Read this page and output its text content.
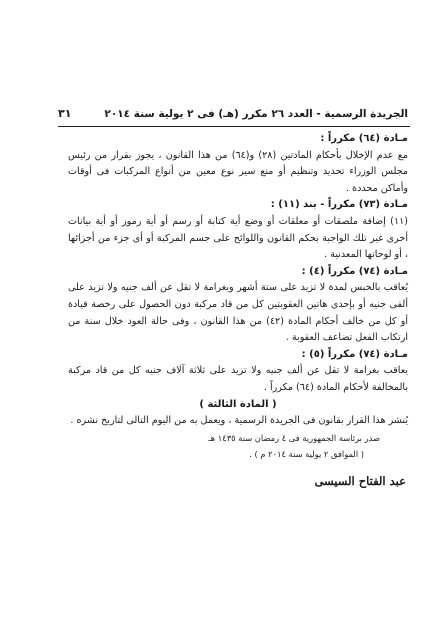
الجريدة الرسمية - العدد ٢٦ مكرر (هـ) فى ٢ يولية سنة ٢٠١٤
٣١
مـادة (٦٤) مكرراً :

مع عدم الإخلال بأحكام المادتين (٢٨) و(٦٤) من هذا القانون ، يجوز بقرار من رئيس مجلس الوزراء تحديد وتنظيم أو منع سير نوع معين من أنواع المركبات فى أوقات وأماكن محددة .

مـادة (٧٣) مكرراً - بند (١١) :

(١١) إضافة ملصقات أو معلقات أو وضع أية كتابة أو رسم أو أية رموز أو أية بيانات أخرى غير تلك الواجبة بحكم القانون واللوائح على جسم المركبة أو أى جزء من أجزائها ، أو لوحاتها المعدنية .

مـادة (٧٤) مكرراً (٤) :

يُعاقب بالحبس لمدة لا تزيد على ستة أشهر وبغرامة لا تقل عن ألف جنيه ولا تزيد على ألفى جنيه أو بإحدى هاتين العقوبتين كل من قاد مركبة دون الحصول على رخصة قيادة أو كل من خالف أحكام المادة (٤٢) من هذا القانون ، وفى حالة العود خلال سنة من ارتكاب الفعل تضاعف العقوبة .

مـادة (٧٤) مكرراً (٥) :

يعاقب بغرامة لا تقل عن ألف جنيه ولا تزيد على ثلاثة آلاف جنيه كل من قاد مركبة بالمخالفة لأحكام المادة (٦٤) مكرراً .

( المادة الثالثة )

يُنشر هذا القرار بقانون فى الجريدة الرسمية ، ويعمل به من اليوم التالى لتاريخ نشره .

صدر برئاسة الجمهورية فى ٤ رمضان سنة ١٤٣٥ هـ
( الموافق ٢ يولية سنة ٢٠١٤ م ) .
عبد الفتاح السيسى
